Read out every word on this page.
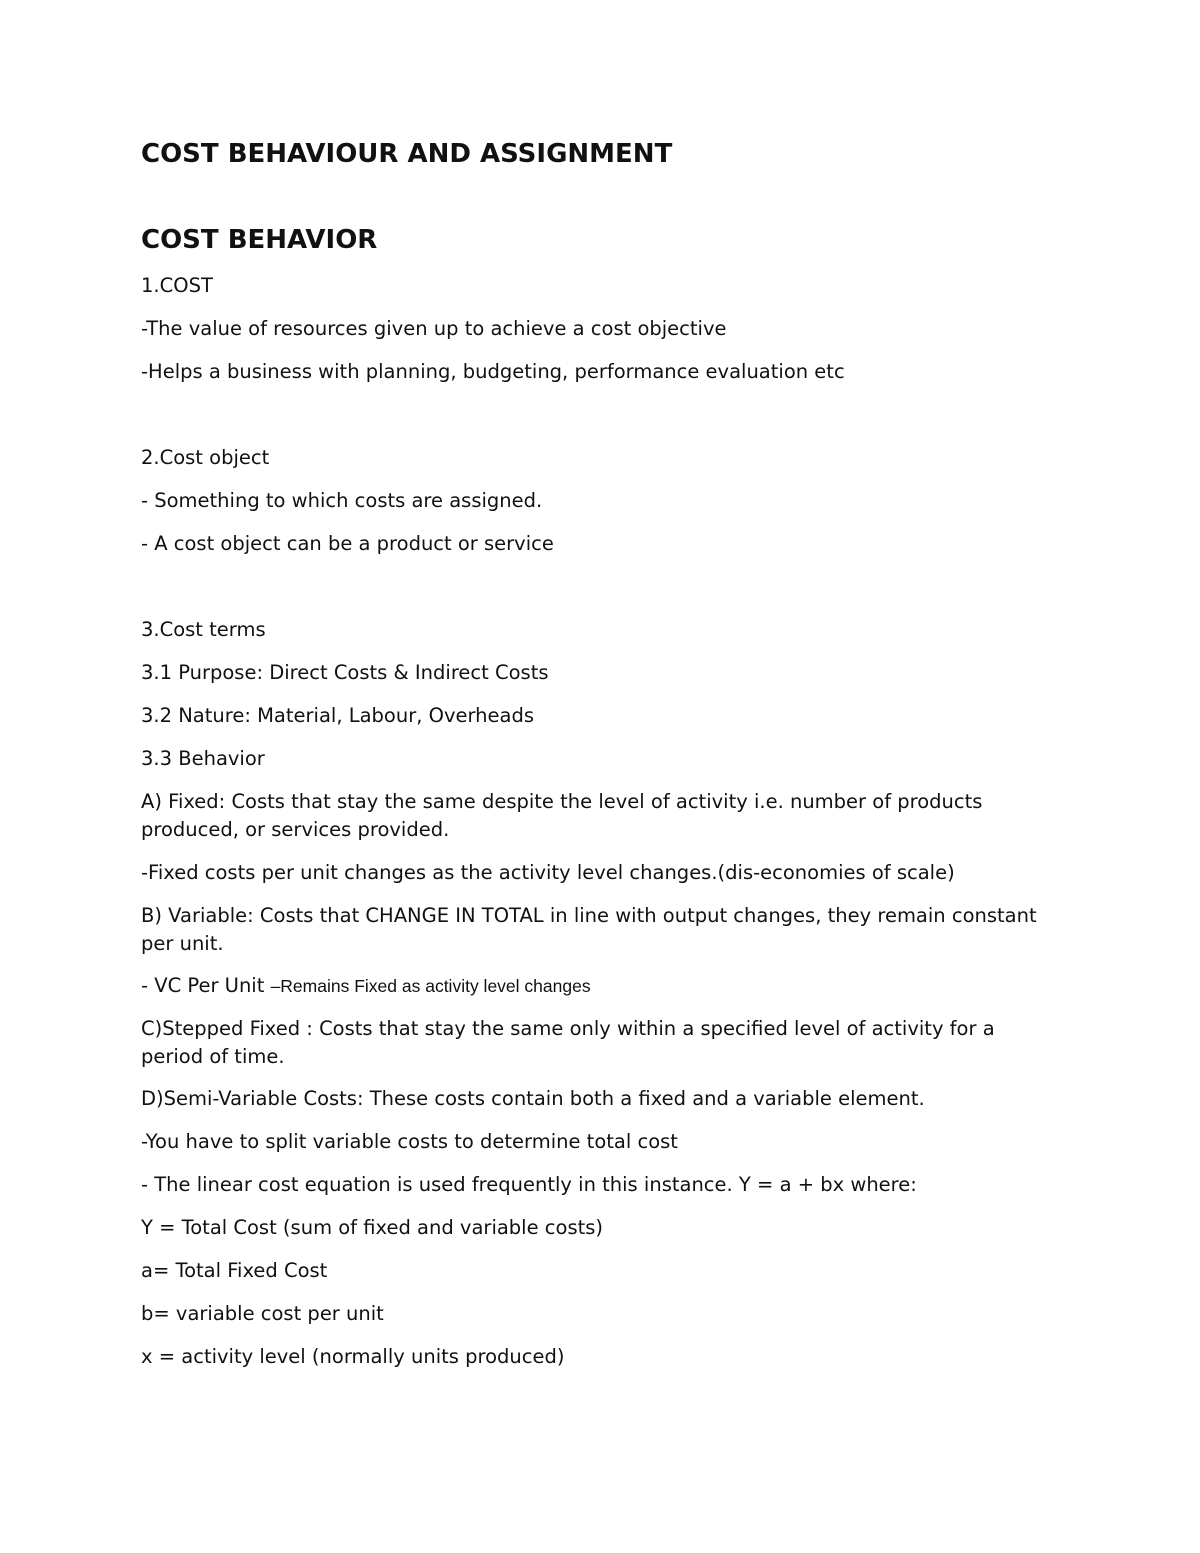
COST BEHAVIOUR AND ASSIGNMENT
COST BEHAVIOR

1.COST

-The value of resources given up to achieve a cost objective

-Helps a business with planning, budgeting, performance evaluation etc

2.Cost object

- Something to which costs are assigned.

- A cost object can be a product or service

3.Cost terms

3.1 Purpose: Direct Costs & Indirect Costs

3.2 Nature: Material, Labour, Overheads

3.3 Behavior

A) Fixed: Costs that stay the same despite the level of activity i.e. number of products produced, or services provided.

-Fixed costs per unit changes as the activity level changes.(dis-economies of scale)

B) Variable: Costs that CHANGE IN TOTAL in line with output changes, they remain constant per unit.

- VC Per Unit –Remains Fixed as activity level changes

C)Stepped Fixed : Costs that stay the same only within a specified level of activity for a period of time.

D)Semi-Variable Costs: These costs contain both a fixed and a variable element.

-You have to split variable costs to determine total cost

- The linear cost equation is used frequently in this instance. Y = a + bx where:

Y = Total Cost (sum of fixed and variable costs)

a= Total Fixed Cost

b= variable cost per unit

x = activity level (normally units produced)
